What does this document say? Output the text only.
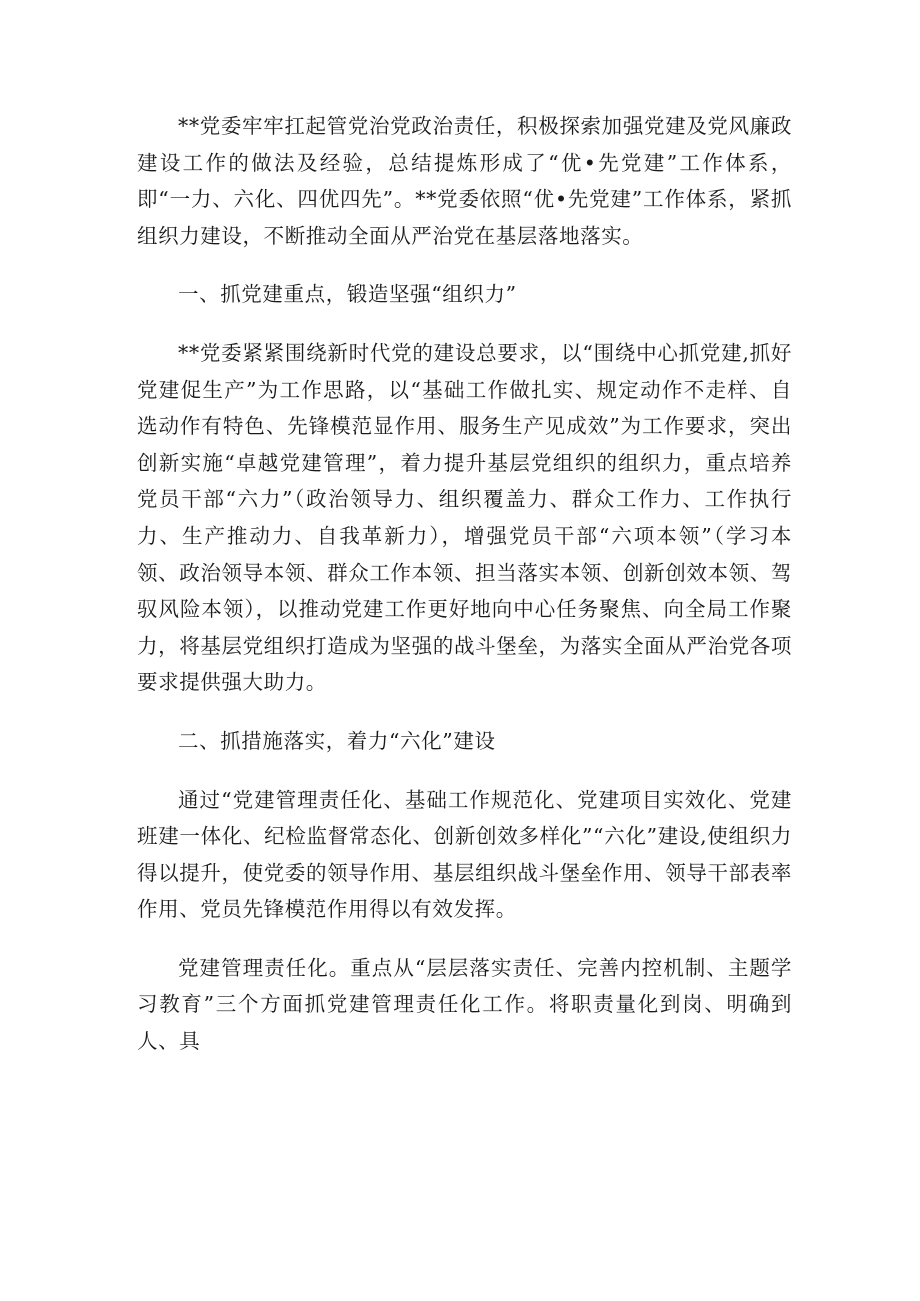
**党委牢牢扛起管党治党政治责任，积极探索加强党建及党风廉政建设工作的做法及经验，总结提炼形成了“优•先党建”工作体系，即“一力、六化、四优四先”。**党委依照“优•先党建”工作体系，紧抓组织力建设，不断推动全面从严治党在基层落地落实。

一、抓党建重点，锻造坚强“组织力”

**党委紧紧围绕新时代党的建设总要求，以“围绕中心抓党建,抓好党建促生产”为工作思路，以“基础工作做扎实、规定动作不走样、自选动作有特色、先锋模范显作用、服务生产见成效”为工作要求，突出创新实施“卓越党建管理”，着力提升基层党组织的组织力，重点培养党员干部“六力”（政治领导力、组织覆盖力、群众工作力、工作执行力、生产推动力、自我革新力），增强党员干部“六项本领”（学习本领、政治领导本领、群众工作本领、担当落实本领、创新创效本领、驾驭风险本领），以推动党建工作更好地向中心任务聚焦、向全局工作聚力，将基层党组织打造成为坚强的战斗堡垒，为落实全面从严治党各项要求提供强大助力。

二、抓措施落实，着力“六化”建设

通过“党建管理责任化、基础工作规范化、党建项目实效化、党建班建一体化、纪检监督常态化、创新创效多样化”“六化”建设,使组织力得以提升，使党委的领导作用、基层组织战斗堡垒作用、领导干部表率作用、党员先锋模范作用得以有效发挥。

党建管理责任化。重点从“层层落实责任、完善内控机制、主题学习教育”三个方面抓党建管理责任化工作。将职责量化到岗、明确到人、具
